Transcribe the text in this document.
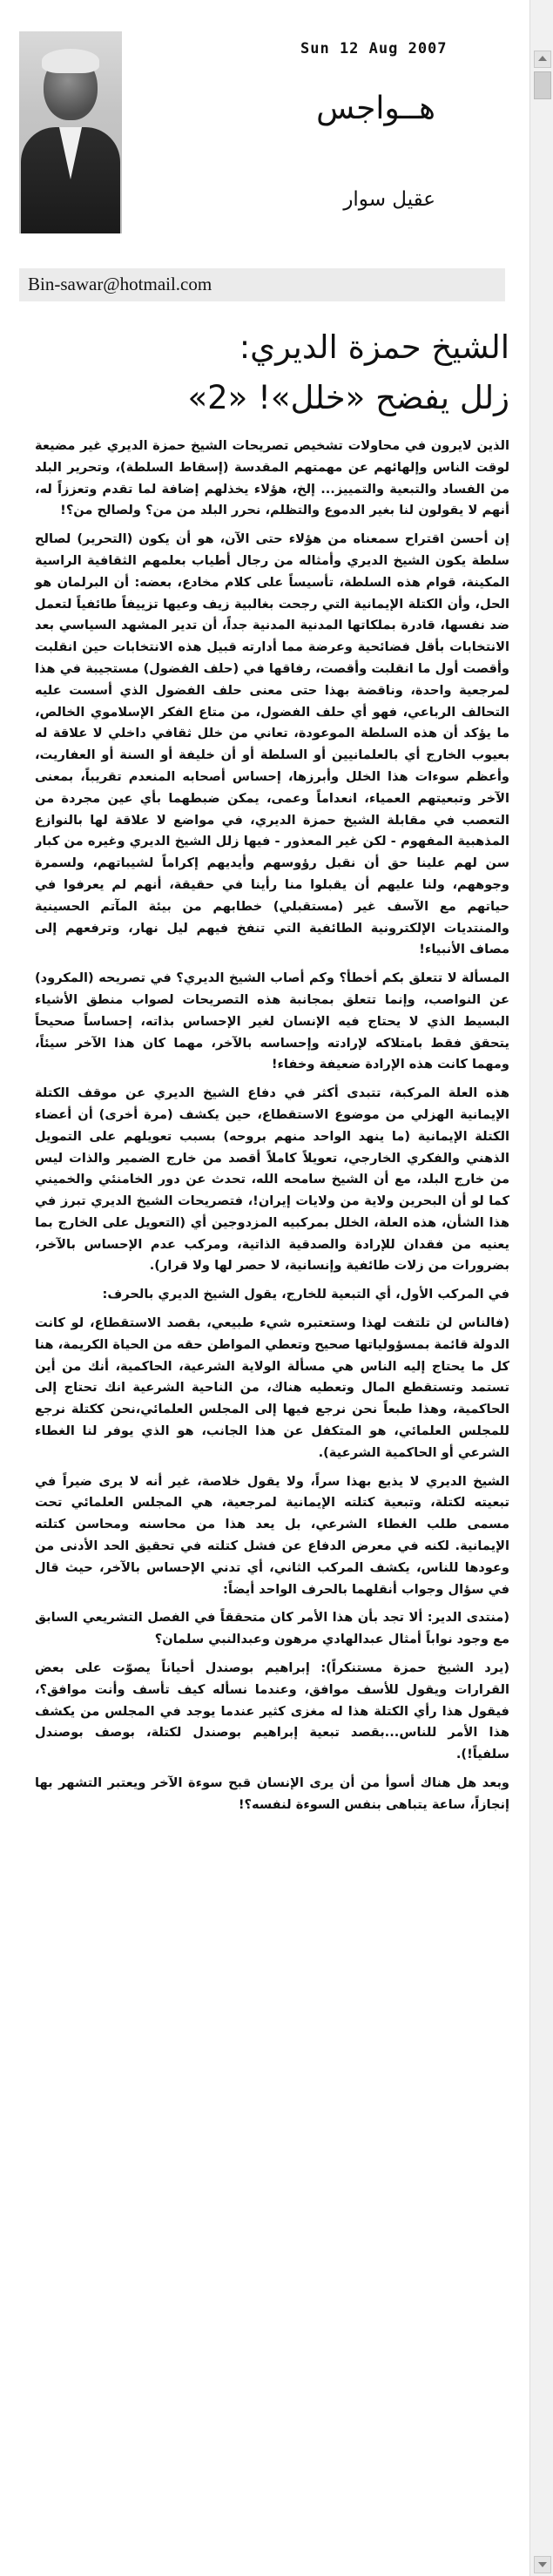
Sun 12 Aug 2007
هــواجس
عقيل سوار
Bin-sawar@hotmail.com
الشيخ حمزة الديري:
زلل يفضح «خلل»! «2»

الذين لايرون في محاولات تشخيص تصريحات الشيخ حمزة الديري غير مضيعة لوقت الناس وإلهائهم عن مهمتهم المقدسة (إسقاط السلطة)، وتحرير البلد من الفساد والتبعية والتمييز... إلخ، هؤلاء يخذلهم إضافة لما تقدم وتعززاً له، أنهم لا يقولون لنا بغير الدموع والتظلم، نحرر البلد من من؟ ولصالح من؟!

إن أحسن اقتراح سمعناه من هؤلاء حتى الآن، هو أن يكون (التحرير) لصالح سلطة يكون الشيخ الديري وأمثاله من رجال أطياب بعلمهم الثقافية الراسية المكينة، قوام هذه السلطة، تأسيساً على كلام مخادع، بعضه: أن البرلمان هو الحل، وأن الكتلة الإيمانية التي رجحت بغالبية زيف وعيها تزييفاً طائفياً لتعمل ضد نفسها، قادرة بملكاتها المدنية المدنية جداً، أن تدير المشهد السياسي بعد الانتخابات بأقل فضائحية وعرضة مما أدارته قبيل هذه الانتخابات حين انقلبت وأقصت أول ما انقلبت وأقصت، رفاقها في (حلف الفضول) مستجيبة في هذا لمرجعية واحدة، وناقضة بهذا حتى معنى حلف الفضول الذي أسست عليه التحالف الرباعي، فهو أي حلف الفضول، من متاع الفكر الإسلاموي الخالص، ما يؤكد أن هذه السلطة الموعودة، تعاني من خلل ثقافي داخلي لا علاقة له بعيوب الخارج أي بالعلمانيين أو السلطة أو أن خليفة أو السنة أو العفاريت، وأعظم سوءات هذا الخلل وأبرزها، إحساس أصحابه المنعدم تقريباً، بمعنى الآخر وتبعيتهم العمياء، انعداماً وعمى، يمكن ضبطهما بأي عين مجردة من التعصب في مقابلة الشيخ حمزة الديري، في مواضع لا علاقة لها بالنوازع المذهبية المفهوم - لكن غير المعذور - فيها زلل الشيخ الديري وغيره من كبار سن لهم علينا حق أن نقبل رؤوسهم وأيديهم إكراماً لشيباتهم، ولسمرة وجوههم، ولنا عليهم أن يقبلوا منا رأينا في حقيقة، أنهم لم يعرفوا في حياتهم مع الآسف غير (مستقبلي) خطابهم من بيئة المآتم الحسينية والمنتديات الإلكترونية الطائفية التي تنفخ فيهم ليل نهار، وترفعهم إلى مصاف الأنبياء!

المسألة لا تتعلق بكم أخطأ؟ وكم أصاب الشيخ الديري؟ في تصريحه (المكرود) عن النواصب، وإنما تتعلق بمجانبة هذه التصريحات لصواب منطق الأشياء البسيط الذي لا يحتاج فيه الإنسان لغير الإحساس بذاته، إحساساً صحيحاً يتحقق فقط بامتلاكه لإرادته وإحساسه بالآخر، مهما كان هذا الآخر سيئاً، ومهما كانت هذه الإرادة ضعيفة وخفاء!

هذه العلة المركبة، تتبدى أكثر في دفاع الشيخ الديري عن موقف الكتلة الإيمانية الهزلي من موضوع الاستقطاع، حين يكشف (مرة أخرى) أن أعضاء الكتلة الإيمانية (ما ينهد الواحد منهم بروحه) بسبب تعويلهم على التمويل الذهني والفكري الخارجي، تعويلاً كاملاً أقصد من خارج الضمير والذات ليس من خارج البلد، مع أن الشيخ سامحه الله، تحدث عن دور الخامنئي والخميني كما لو أن البحرين ولاية من ولايات إيران!، فتصريحات الشيخ الديري تبرز في هذا الشأن، هذه العلة، الخلل بمركبيه المزدوجين أي (التعويل على الخارج بما يعنيه من فقدان للإرادة والصدقية الذاتية، ومركب عدم الإحساس بالآخر، بضرورات من زلات طائفية وإنسانية، لا حصر لها ولا قرار).

في المركب الأول، أي التبعية للخارج، يقول الشيخ الديري بالحرف:

(فالناس لن تلتفت لهذا وستعتبره شيء طبيعي، بقصد الاستقطاع، لو كانت الدولة قائمة بمسؤولياتها صحيح وتعطي المواطن حقه من الحياة الكريمة، هنا كل ما يحتاج إليه الناس هي مسألة الولاية الشرعية، الحاكمية، أنك من أين تستمد وتستقطع المال وتعطيه هناك، من الناحية الشرعية انك تحتاج إلى الحاكمية، وهذا طبعاً نحن نرجع فيها إلى المجلس العلمائي،نحن ككتلة نرجع للمجلس العلمائي، هو المتكفل عن هذا الجانب، هو الذي يوفر لنا الغطاء الشرعي أو الحاكمية الشرعية).

الشيخ الديري لا يذيع بهذا سراً، ولا يقول خلاصة، غير أنه لا يرى ضيراً في تبعيته لكتلة، وتبعية كتلته الإيمانية لمرجعية، هي المجلس العلمائي تحت مسمى طلب الغطاء الشرعي، بل يعد هذا من محاسنه ومحاسن كتلته الإيمانية. لكنه في معرض الدفاع عن فشل كتلته في تحقيق الحد الأدنى من وعودها للناس، يكشف المركب الثاني، أي تدني الإحساس بالآخر، حيث قال في سؤال وجواب أنقلهما بالحرف الواحد أيضاً:

(منتدى الدير: ألا تجد بأن هذا الأمر كان متحققاً في الفصل التشريعي السابق مع وجود نواباً أمثال عبدالهادي مرهون وعبدالنبي سلمان؟

(يرد الشيخ حمزة مستنكراً): إبراهيم بوصندل أحياناً يصوّت على بعض القرارات ويقول للأسف موافق، وعندما نسأله كيف تأسف وأنت موافق؟، فيقول هذا رأي الكتلة هذا له مغزى كثير عندما يوجد في المجلس من يكشف هذا الأمر للناس...بقصد تبعية إبراهيم بوصندل لكتلة، بوصف بوصندل سلفياً!).

وبعد هل هناك أسوأ من أن يرى الإنسان قبح سوءة الآخر ويعتبر التشهر بها إنجازاً، ساعة يتباهى بنفس السوءة لنفسه؟!
